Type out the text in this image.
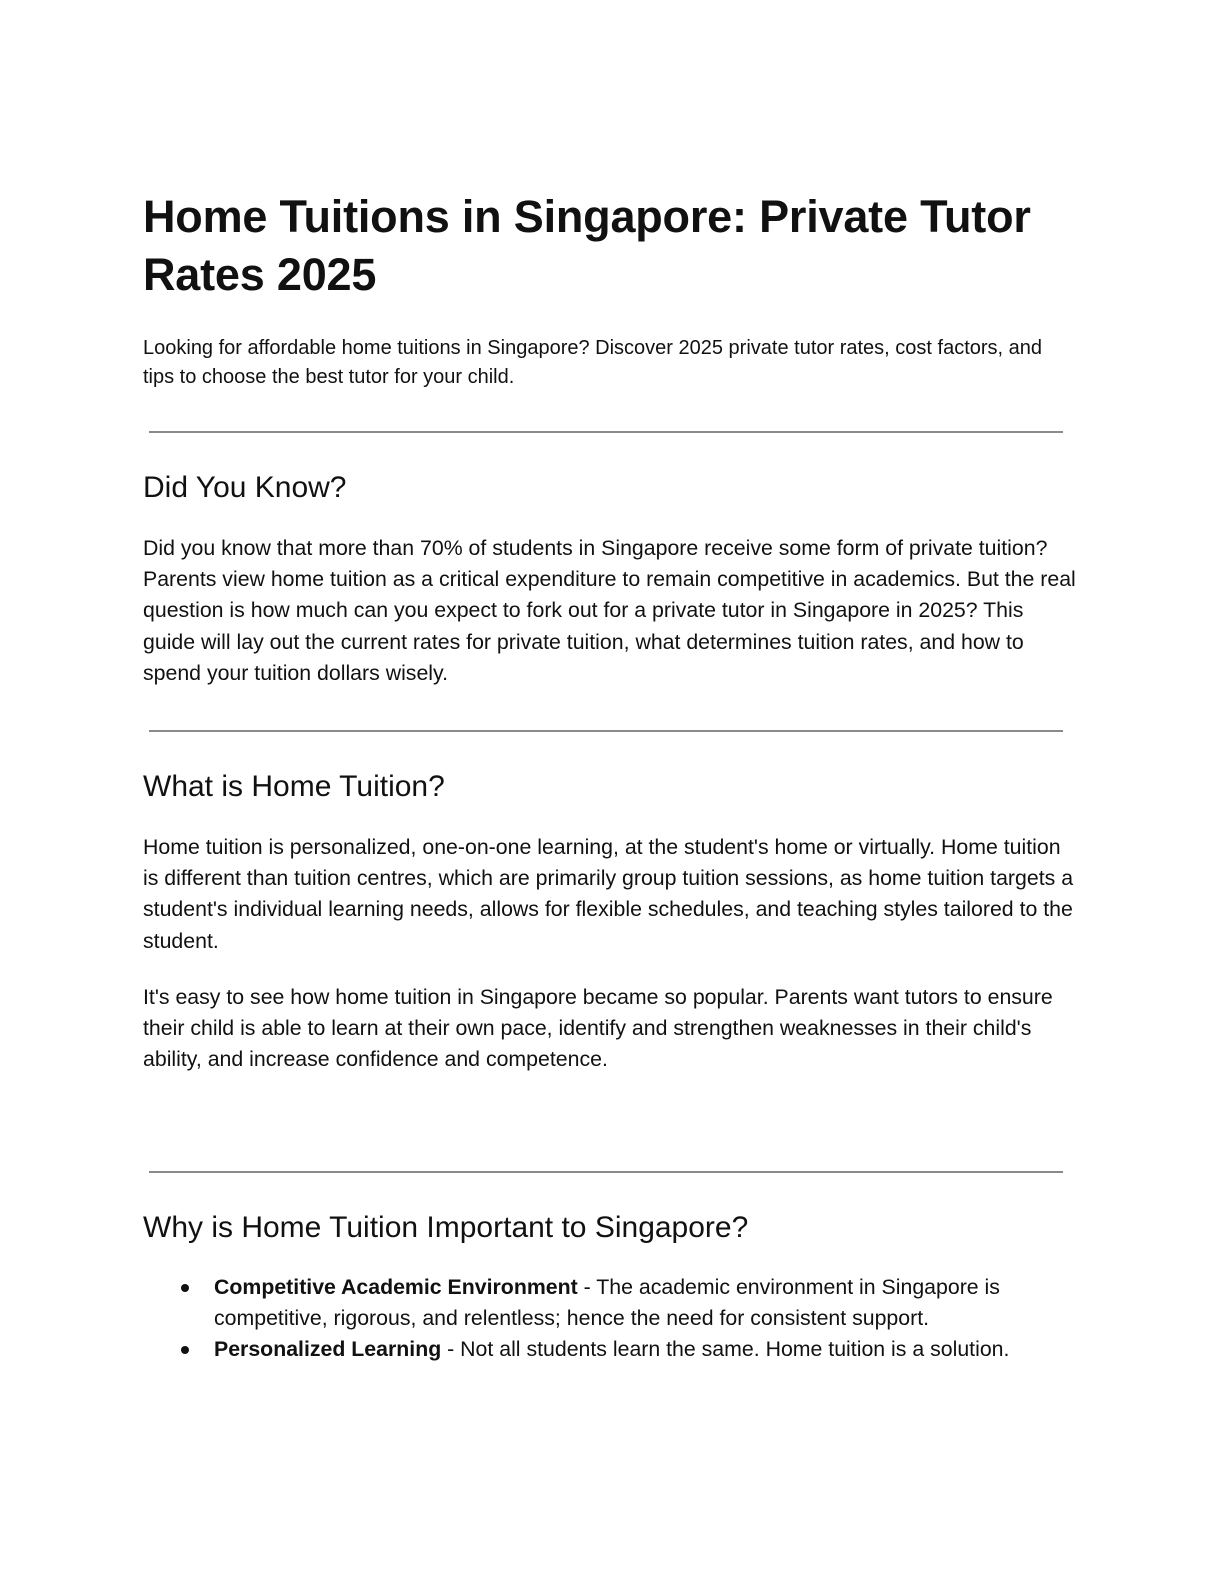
Home Tuitions in Singapore: Private Tutor Rates 2025

Looking for affordable home tuitions in Singapore? Discover 2025 private tutor rates, cost factors, and tips to choose the best tutor for your child.

Did You Know?

Did you know that more than 70% of students in Singapore receive some form of private tuition? Parents view home tuition as a critical expenditure to remain competitive in academics. But the real question is how much can you expect to fork out for a private tutor in Singapore in 2025? This guide will lay out the current rates for private tuition, what determines tuition rates, and how to spend your tuition dollars wisely.

What is Home Tuition?

Home tuition is personalized, one-on-one learning, at the student's home or virtually. Home tuition is different than tuition centres, which are primarily group tuition sessions, as home tuition targets a student's individual learning needs, allows for flexible schedules, and teaching styles tailored to the student.

It's easy to see how home tuition in Singapore became so popular. Parents want tutors to ensure their child is able to learn at their own pace, identify and strengthen weaknesses in their child's ability, and increase confidence and competence.

Why is Home Tuition Important to Singapore?
Competitive Academic Environment - The academic environment in Singapore is competitive, rigorous, and relentless; hence the need for consistent support.
Personalized Learning - Not all students learn the same. Home tuition is a solution.
